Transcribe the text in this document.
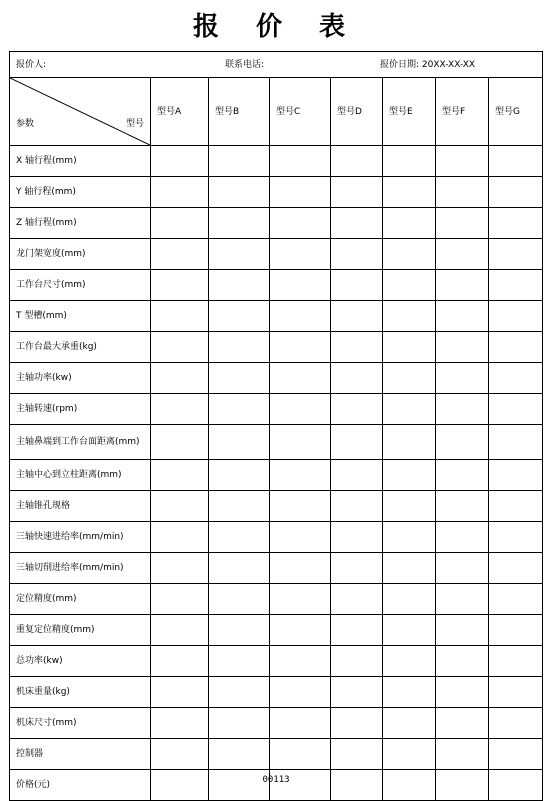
报 价 表
报价人: 联系电话: 报价日期: 20XX-XX-XX							

参数 型号	型号A	型号B	型号C	型号D	型号E	型号F	型号G
X 轴行程(mm)							
Y 轴行程(mm)							
Z 轴行程(mm)							
龙门架宽度(mm)							
工作台尺寸(mm)							
T 型槽(mm)							
工作台最大承重(kg)							
主轴功率(kw)							
主轴转速(rpm)							
主轴鼻端到工作台面距离(mm)							
主轴中心到立柱距离(mm)							
主轴锥孔规格							
三轴快速进给率(mm/min)							
三轴切削进给率(mm/min)							
定位精度(mm)							
重复定位精度(mm)							
总功率(kw)							
机床重量(kg)							
机床尺寸(mm)							
控制器							
价格(元)								00113
